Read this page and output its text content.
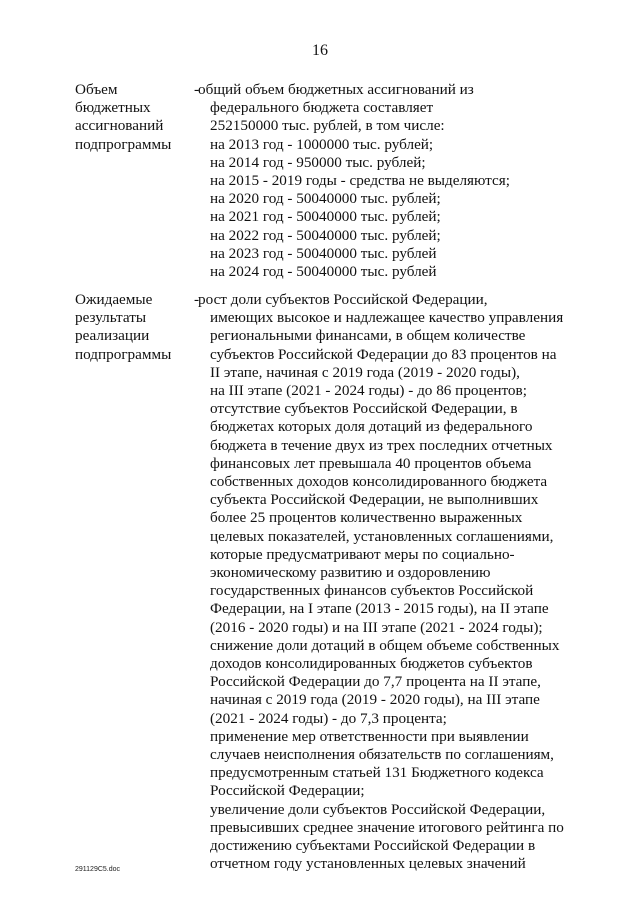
16
Объем
бюджетных
ассигнований
подпрограммы
-
общий объем бюджетных ассигнований из
федерального бюджета составляет
252150000 тыс. рублей, в том числе:
на 2013 год - 1000000 тыс. рублей;
на 2014 год - 950000 тыс. рублей;
на 2015 - 2019 годы - средства не выделяются;
на 2020 год - 50040000 тыс. рублей;
на 2021 год - 50040000 тыс. рублей;
на 2022 год - 50040000 тыс. рублей;
на 2023 год - 50040000 тыс. рублей
на 2024 год - 50040000 тыс. рублей
Ожидаемые
результаты
реализации
подпрограммы
-
рост доли субъектов Российской Федерации,
имеющих высокое и надлежащее качество управления
региональными финансами, в общем количестве
субъектов Российской Федерации до 83 процентов на
II этапе, начиная с 2019 года (2019 - 2020 годы),
на III этапе (2021 - 2024 годы) - до 86 процентов;
отсутствие субъектов Российской Федерации, в
бюджетах которых доля дотаций из федерального
бюджета в течение двух из трех последних отчетных
финансовых лет превышала 40 процентов объема
собственных доходов консолидированного бюджета
субъекта Российской Федерации, не выполнивших
более 25 процентов количественно выраженных
целевых показателей, установленных соглашениями,
которые предусматривают меры по социально-
экономическому развитию и оздоровлению
государственных финансов субъектов Российской
Федерации, на I этапе (2013 - 2015 годы), на II этапе
(2016 - 2020 годы) и на III этапе (2021 - 2024 годы);
снижение доли дотаций в общем объеме собственных
доходов консолидированных бюджетов субъектов
Российской Федерации до 7,7 процента на II этапе,
начиная с 2019 года (2019 - 2020 годы), на III этапе
(2021 - 2024 годы) - до 7,3 процента;
применение мер ответственности при выявлении
случаев неисполнения обязательств по соглашениям,
предусмотренным статьей 131 Бюджетного кодекса
Российской Федерации;
увеличение доли субъектов Российской Федерации,
превысивших среднее значение итогового рейтинга по
достижению субъектами Российской Федерации в
отчетном году установленных целевых значений
291129C5.doc
